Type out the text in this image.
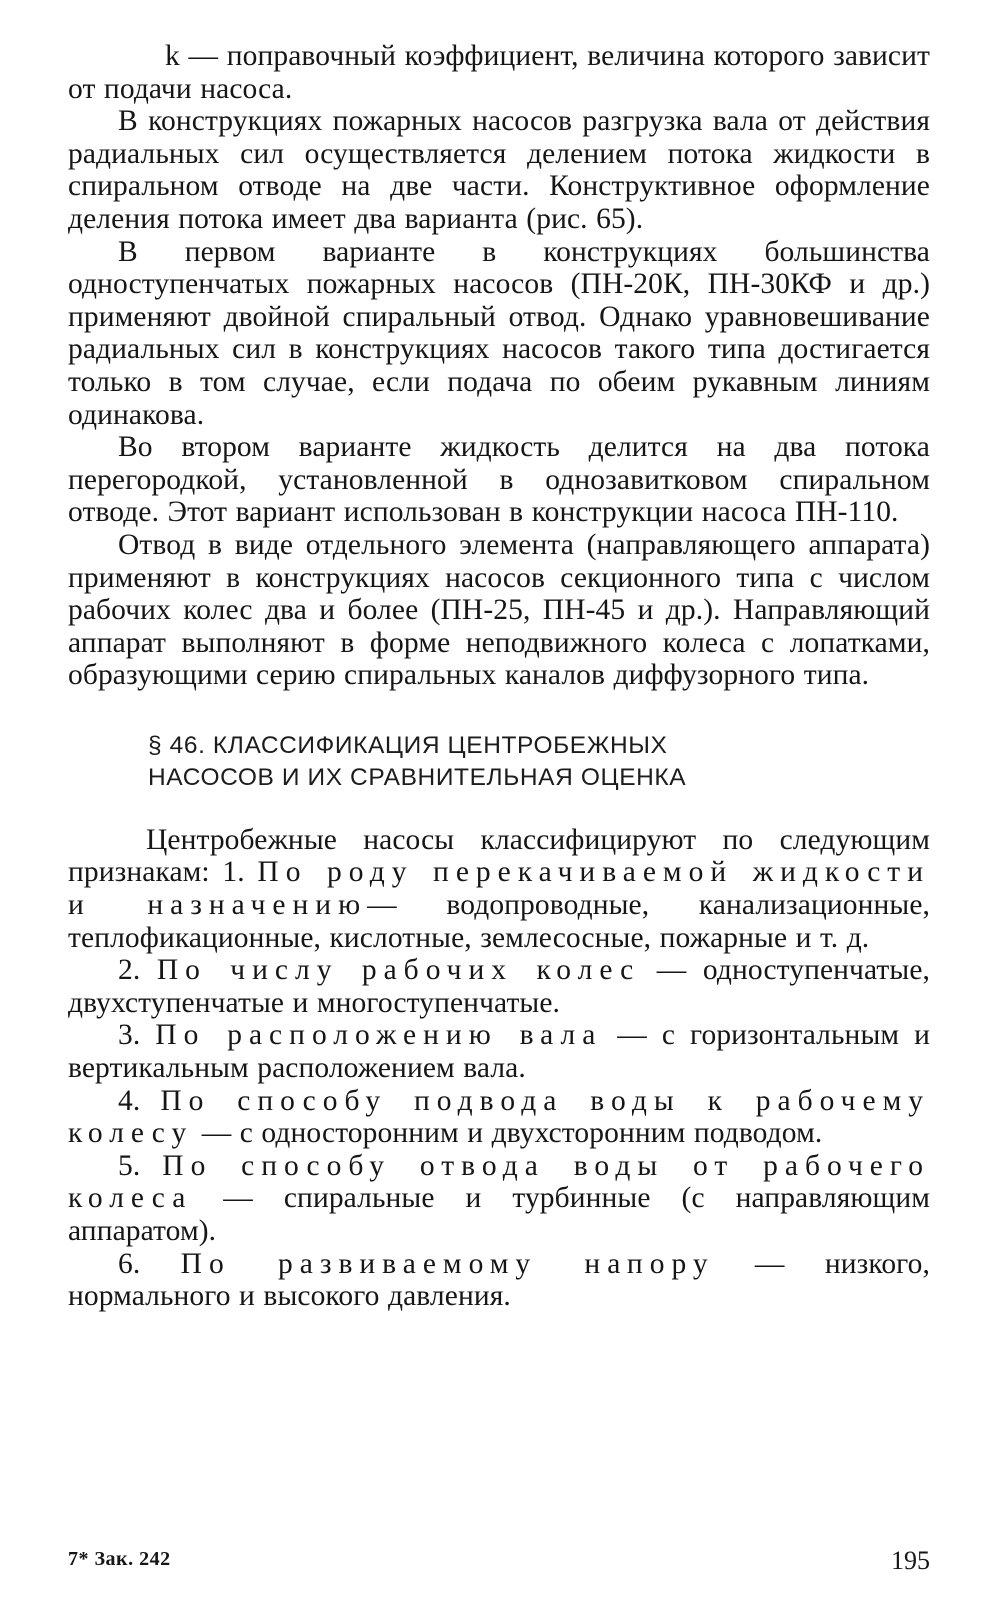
k — поправочный коэффициент, величина которого зависит от подачи насоса.

В конструкциях пожарных насосов разгрузка вала от действия радиальных сил осуществляется делением потока жидкости в спиральном отводе на две части. Конструктивное оформление деления потока имеет два варианта (рис. 65).

В первом варианте в конструкциях большинства одноступенчатых пожарных насосов (ПН-20К, ПН-30КФ и др.) применяют двойной спиральный отвод. Однако уравновешивание радиальных сил в конструкциях насосов такого типа достигается только в том случае, если подача по обеим рукавным линиям одинакова.

Во втором варианте жидкость делится на два потока перегородкой, установленной в однозавитковом спиральном отводе. Этот вариант использован в конструкции насоса ПН-110.

Отвод в виде отдельного элемента (направляющего аппарата) применяют в конструкциях насосов секционного типа с числом рабочих колес два и более (ПН-25, ПН-45 и др.). Направляющий аппарат выполняют в форме неподвижного колеса с лопатками, образующими серию спиральных каналов диффузорного типа.

§ 46. КЛАССИФИКАЦИЯ ЦЕНТРОБЕЖНЫХ
НАСОСОВ И ИХ СРАВНИТЕЛЬНАЯ ОЦЕНКА

Центробежные насосы классифицируют по следующим признакам: 1. По роду перекачиваемой жидкости и назначению— водопроводные, канализационные, теплофикационные, кислотные, землесосные, пожарные и т. д.

2. По числу рабочих колес — одноступенчатые, двухступенчатые и многоступенчатые.

3. По расположению вала — с горизонтальным и вертикальным расположением вала.

4. По способу подвода воды к рабочему колесу — с односторонним и двухсторонним подводом.

5. По способу отвода воды от рабочего колеса — спиральные и турбинные (с направляющим аппаратом).

6. По развиваемому напору — низкого, нормального и высокого давления.

7* Зак. 242	195
